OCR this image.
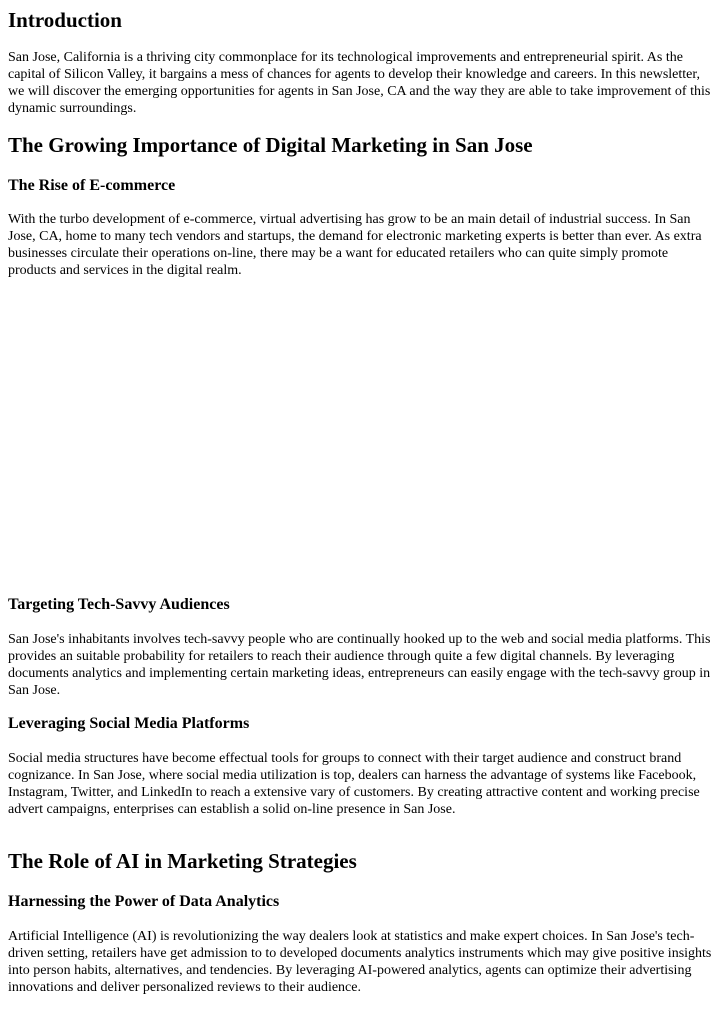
Introduction

San Jose, California is a thriving city commonplace for its technological improvements and entrepreneurial spirit. As the capital of Silicon Valley, it bargains a mess of chances for agents to develop their knowledge and careers. In this newsletter, we will discover the emerging opportunities for agents in San Jose, CA and the way they are able to take improvement of this dynamic surroundings.

The Growing Importance of Digital Marketing in San Jose
The Rise of E-commerce

With the turbo development of e-commerce, virtual advertising has grow to be an main detail of industrial success. In San Jose, CA, home to many tech vendors and startups, the demand for electronic marketing experts is better than ever. As extra businesses circulate their operations on-line, there may be a want for educated retailers who can quite simply promote products and services in the digital realm.

Targeting Tech-Savvy Audiences

San Jose's inhabitants involves tech-savvy people who are continually hooked up to the web and social media platforms. This provides an suitable probability for retailers to reach their audience through quite a few digital channels. By leveraging documents analytics and implementing certain marketing ideas, entrepreneurs can easily engage with the tech-savvy group in San Jose.

Leveraging Social Media Platforms

Social media structures have become effectual tools for groups to connect with their target audience and construct brand cognizance. In San Jose, where social media utilization is top, dealers can harness the advantage of systems like Facebook, Instagram, Twitter, and LinkedIn to reach a extensive vary of customers. By creating attractive content and working precise advert campaigns, enterprises can establish a solid on-line presence in San Jose.

The Role of AI in Marketing Strategies
Harnessing the Power of Data Analytics

Artificial Intelligence (AI) is revolutionizing the way dealers look at statistics and make expert choices. In San Jose's tech-driven setting, retailers have get admission to to developed documents analytics instruments which may give positive insights into person habits, alternatives, and tendencies. By leveraging AI-powered analytics, agents can optimize their advertising innovations and deliver personalized reviews to their audience.
